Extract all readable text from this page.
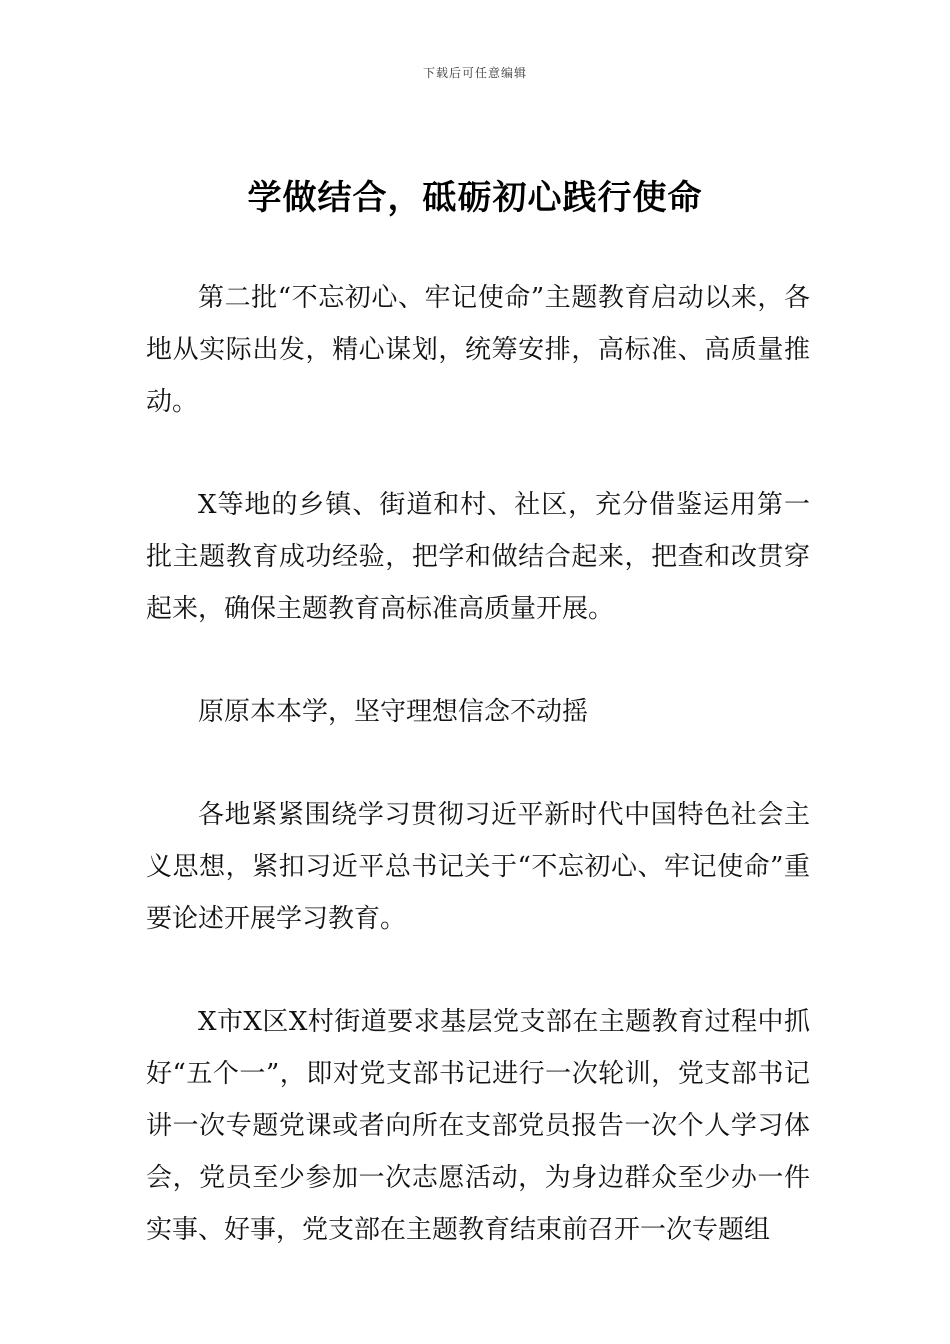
下载后可任意编辑
学做结合，砥砺初心践行使命

第二批“不忘初心、牢记使命”主题教育启动以来，各地从实际出发，精心谋划，统筹安排，高标准、高质量推动。

X等地的乡镇、街道和村、社区，充分借鉴运用第一批主题教育成功经验，把学和做结合起来，把查和改贯穿起来，确保主题教育高标准高质量开展。

原原本本学，坚守理想信念不动摇

各地紧紧围绕学习贯彻习近平新时代中国特色社会主义思想，紧扣习近平总书记关于“不忘初心、牢记使命”重要论述开展学习教育。

X市X区X村街道要求基层党支部在主题教育过程中抓好“五个一”，即对党支部书记进行一次轮训，党支部书记讲一次专题党课或者向所在支部党员报告一次个人学习体会，党员至少参加一次志愿活动，为身边群众至少办一件实事、好事，党支部在主题教育结束前召开一次专题组
